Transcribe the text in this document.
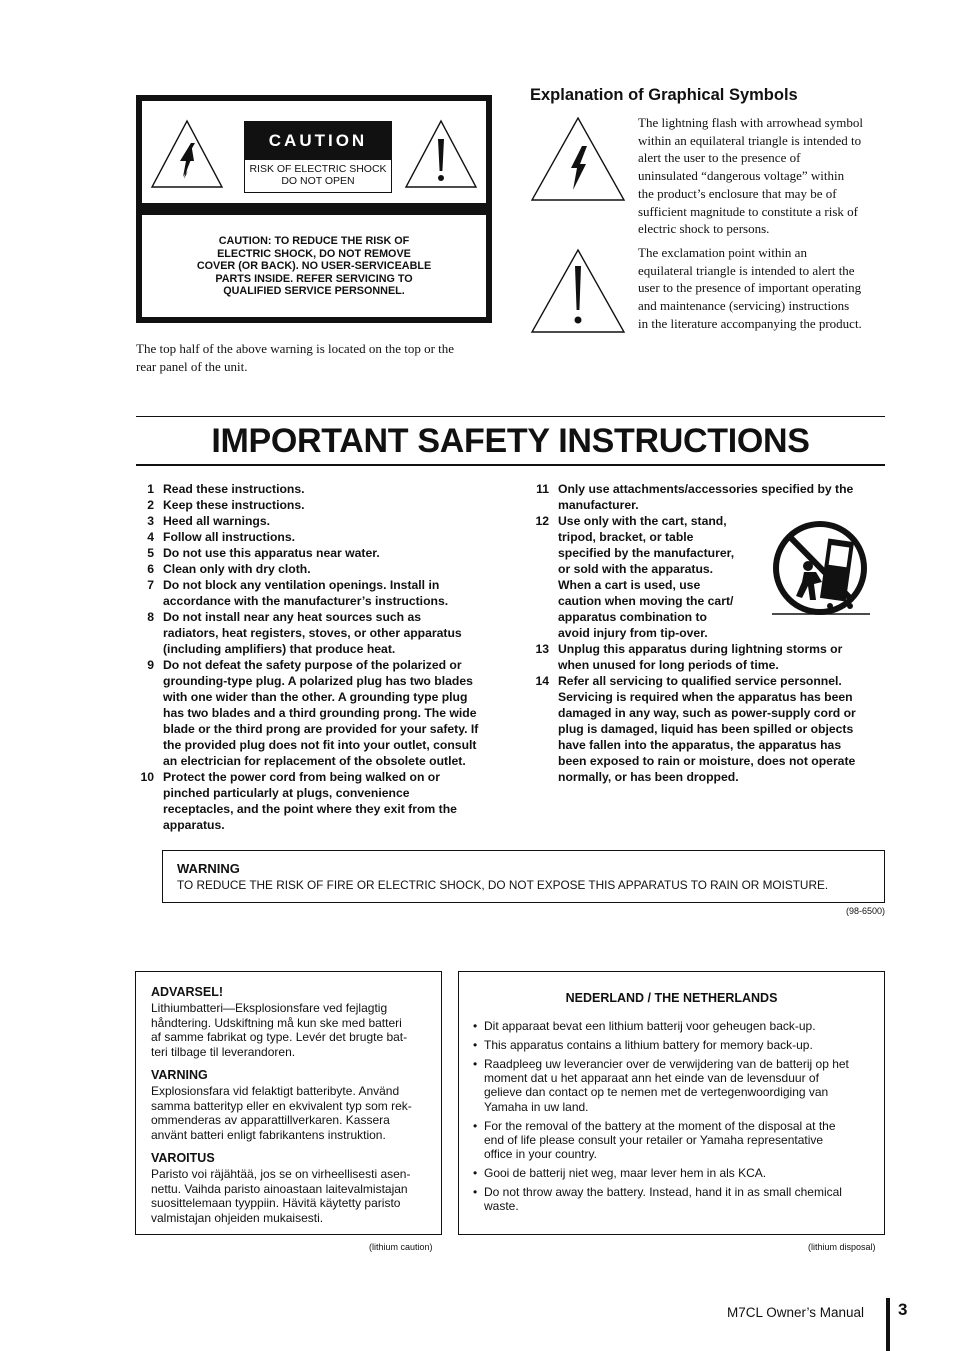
CAUTION
RISK OF ELECTRIC SHOCK
DO NOT OPEN
CAUTION: TO REDUCE THE RISK OF
ELECTRIC SHOCK, DO NOT REMOVE
COVER (OR BACK). NO USER-SERVICEABLE
PARTS INSIDE. REFER SERVICING TO
QUALIFIED SERVICE PERSONNEL.
The top half of the above warning is located on the top or the
rear panel of the unit.
Explanation of Graphical Symbols
The lightning flash with arrowhead symbol
within an equilateral triangle is intended to
alert the user to the presence of
uninsulated “dangerous voltage” within
the product’s enclosure that may be of
sufficient magnitude to constitute a risk of
electric shock to persons.
The exclamation point within an
equilateral triangle is intended to alert the
user to the presence of important operating
and maintenance (servicing) instructions
in the literature accompanying the product.
IMPORTANT SAFETY INSTRUCTIONS
1 Read these instructions.
2 Keep these instructions.
3 Heed all warnings.
4 Follow all instructions.
5 Do not use this apparatus near water.
6 Clean only with dry cloth.
7 Do not block any ventilation openings. Install in
accordance with the manufacturer’s instructions.
8 Do not install near any heat sources such as
radiators, heat registers, stoves, or other apparatus
(including amplifiers) that produce heat.
9 Do not defeat the safety purpose of the polarized or
grounding-type plug. A polarized plug has two blades
with one wider than the other. A grounding type plug
has two blades and a third grounding prong. The wide
blade or the third prong are provided for your safety. If
the provided plug does not fit into your outlet, consult
an electrician for replacement of the obsolete outlet.
10 Protect the power cord from being walked on or
pinched particularly at plugs, convenience
receptacles, and the point where they exit from the
apparatus.
11 Only use attachments/accessories specified by the
manufacturer.
12 Use only with the cart, stand,
tripod, bracket, or table
specified by the manufacturer,
or sold with the apparatus.
When a cart is used, use
caution when moving the cart/
apparatus combination to
avoid injury from tip-over.
13 Unplug this apparatus during lightning storms or
when unused for long periods of time.
14 Refer all servicing to qualified service personnel.
Servicing is required when the apparatus has been
damaged in any way, such as power-supply cord or
plug is damaged, liquid has been spilled or objects
have fallen into the apparatus, the apparatus has
been exposed to rain or moisture, does not operate
normally, or has been dropped.
WARNING
TO REDUCE THE RISK OF FIRE OR ELECTRIC SHOCK, DO NOT EXPOSE THIS APPARATUS TO RAIN OR MOISTURE.
(98-6500)
ADVARSEL!
Lithiumbatteri—Eksplosionsfare ved fejlagtig
håndtering. Udskiftning må kun ske med batteri
af samme fabrikat og type. Levér det brugte bat-
teri tilbage til leverandoren.
VARNING
Explosionsfara vid felaktigt batteribyte. Använd
samma batterityp eller en ekvivalent typ som rek-
ommenderas av apparattillverkaren. Kassera
använt batteri enligt fabrikantens instruktion.
VAROITUS
Paristo voi räjähtää, jos se on virheellisesti asen-
nettu. Vaihda paristo ainoastaan laitevalmistajan
suosittelemaan tyyppiin. Hävitä käytetty paristo
valmistajan ohjeiden mukaisesti.
(lithium caution)
NEDERLAND / THE NETHERLANDS
• Dit apparaat bevat een lithium batterij voor geheugen back-up.
• This apparatus contains a lithium battery for memory back-up.
• Raadpleeg uw leverancier over de verwijdering van de batterij op het
moment dat u het apparaat ann het einde van de levensduur of
gelieve dan contact op te nemen met de vertegenwoordiging van
Yamaha in uw land.
• For the removal of the battery at the moment of the disposal at the
end of life please consult your retailer or Yamaha representative
office in your country.
• Gooi de batterij niet weg, maar lever hem in als KCA.
• Do not throw away the battery. Instead, hand it in as small chemical
waste.
(lithium disposal)
M7CL Owner’s Manual 3
